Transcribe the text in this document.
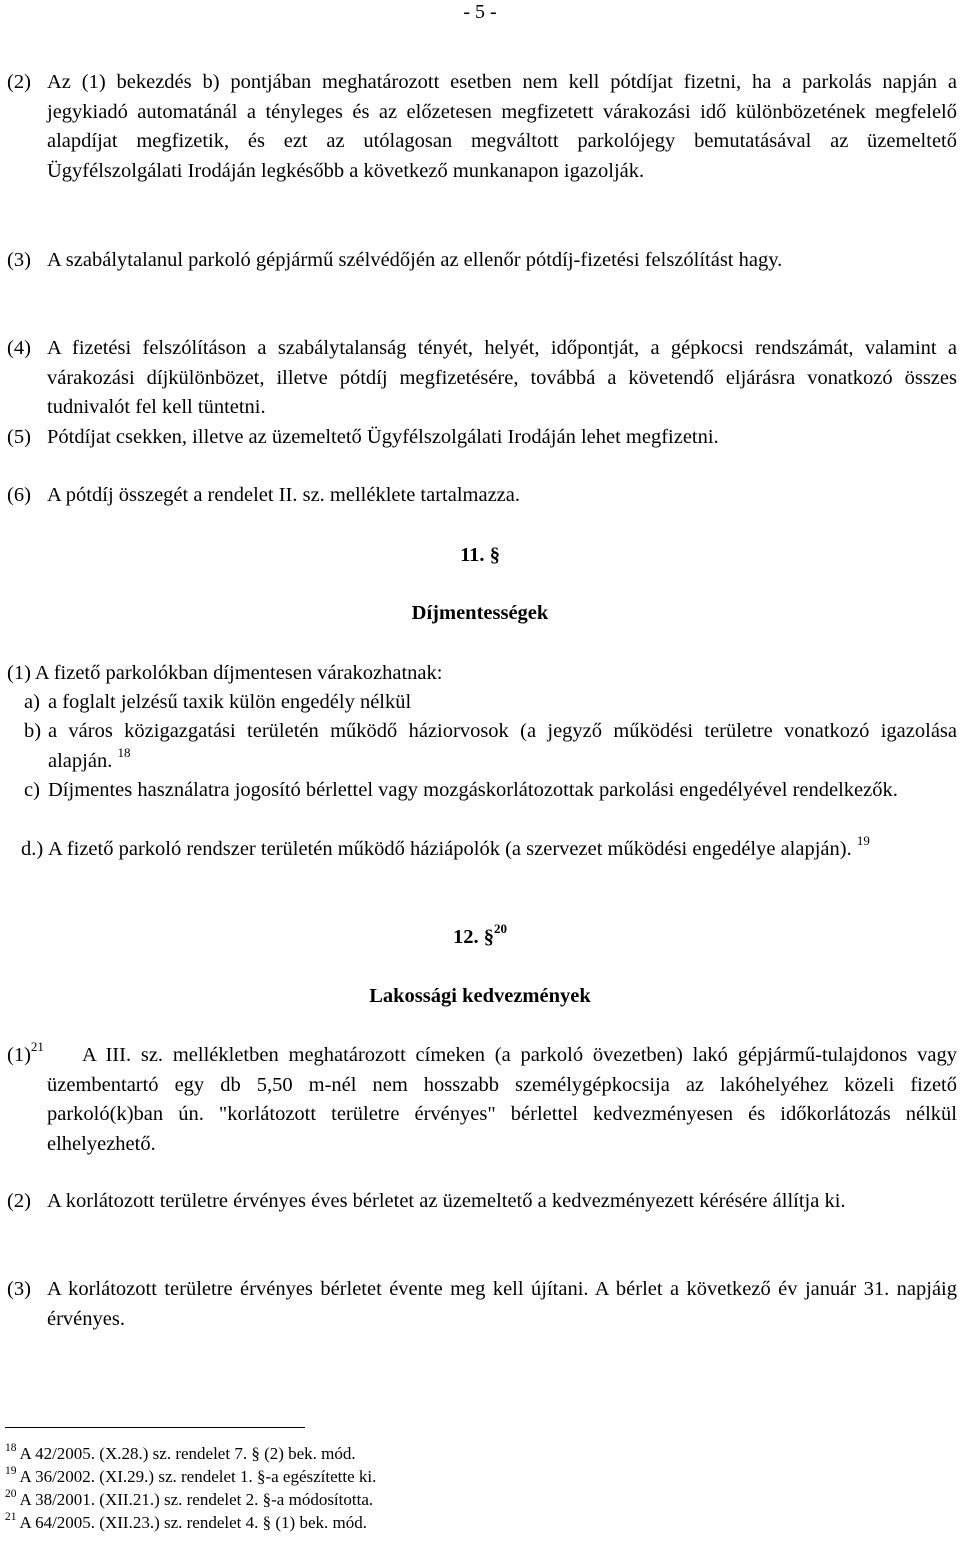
- 5 -
(2) Az (1) bekezdés b) pontjában meghatározott esetben nem kell pótdíjat fizetni, ha a parkolás napján a jegykiadó automatánál a tényleges és az előzetesen megfizetett várakozási idő különbözetének megfelelő alapdíjat megfizetik, és ezt az utólagosan megváltott parkolójegy bemutatásával az üzemeltető Ügyfélszolgálati Irodáján legkésőbb a következő munkanapon igazolják.
(3) A szabálytalanul parkoló gépjármű szélvédőjén az ellenőr pótdíj-fizetési felszólítást hagy.
(4) A fizetési felszólításon a szabálytalanság tényét, helyét, időpontját, a gépkocsi rendszámát, valamint a várakozási díjkülönbözet, illetve pótdíj megfizetésére, továbbá a követendő eljárásra vonatkozó összes tudnivalót fel kell tüntetni.
(5) Pótdíjat csekken, illetve az üzemeltető Ügyfélszolgálati Irodáján lehet megfizetni.
(6) A pótdíj összegét a rendelet II. sz. melléklete tartalmazza.
11. §
Díjmentességek
(1) A fizető parkolókban díjmentesen várakozhatnak:
a) a foglalt jelzésű taxik külön engedély nélkül
b) a város közigazgatási területén működő háziorvosok (a jegyző működési területre vonatkozó igazolása alapján. $^{18}$
c) Díjmentes használatra jogosító bérlettel vagy mozgáskorlátozottak parkolási engedélyével rendelkezők.
d.) A fizető parkoló rendszer területén működő háziápolók (a szervezet működési engedélye alapján). $^{19}$
12. §$^{20}$
Lakossági kedvezmények
$(1)^{21}$	A III. sz. mellékletben meghatározott címeken (a parkoló övezetben) lakó gépjármű-tulajdonos vagy üzembentartó egy db 5,50 m-nél nem hosszabb személygépkocsija az lakóhelyéhez közeli fizető parkoló(k)ban ún. "korlátozott területre érvényes" bérlettel kedvezményesen és időkorlátozás nélkül elhelyezhető.
(2) A korlátozott területre érvényes éves bérletet az üzemeltető a kedvezményezett kérésére állítja ki.
(3) A korlátozott területre érvényes bérletet évente meg kell újítani. A bérlet a következő év január 31. napjáig érvényes.
$^{18}$ A 42/2005. (X.28.) sz. rendelet 7. § (2) bek. mód.
$^{19}$ A 36/2002. (XI.29.) sz. rendelet 1. §-a egészítette ki.
$^{20}$ A 38/2001. (XII.21.) sz. rendelet 2. §-a módosította.
$^{21}$ A 64/2005. (XII.23.) sz. rendelet 4. § (1) bek. mód.
